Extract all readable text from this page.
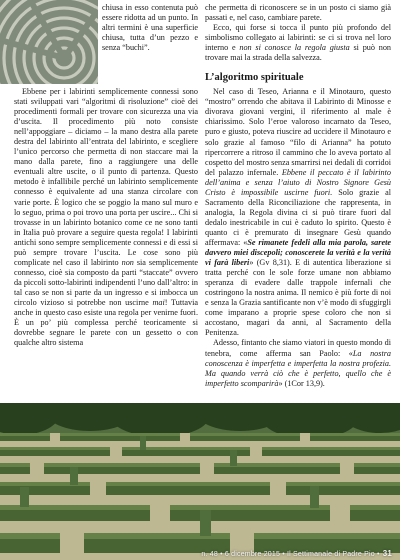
chiusa in esso contenuta può essere ridotta ad un punto. In altri termini è una superficie chiusa, tutta d’un pezzo e senza “buchi”.

Ebbene per i labirinti semplicemente connessi sono stati sviluppati vari “algoritmi di risoluzione” cioè dei procedimenti formali per trovare con sicurezza una via d’uscita. Il procedimento più noto consiste nell’appoggiare – diciamo – la mano destra alla parete destra del labirinto all’entrata del labirinto, e scegliere l’unico percorso che permetta di non staccare mai la mano dalla parete, fino a raggiungere una delle eventuali altre uscite, o il punto di partenza. Questo metodo è infallibile perché un labirinto semplicemente connesso è equivalente ad una stanza circolare con varie porte. È logico che se poggio la mano sul muro e lo seguo, prima o poi trovo una porta per uscire... Chi si trovasse in un labirinto botanico come ce ne sono tanti in Italia può provare a seguire questa regola! I labirinti antichi sono sempre semplicemente connessi e di essi si può sempre trovare l’uscita. Le cose sono più complicate nel caso il labirinto non sia semplicemente connesso, cioè sia composto da parti “staccate” ovvero da piccoli sotto-labirinti indipendenti l’uno dall’altro: in tal caso se non si parte da un ingresso e si imbocca un circolo vizioso si potrebbe non uscirne mai! Tuttavia anche in questo caso esiste una regola per venirne fuori. È un po’ più complessa perché teoricamente si dovrebbe segnare le parete con un gessetto o con qualche altro sistema

che permetta di riconoscere se in un posto ci siamo già passati e, nel caso, cambiare parete.

Ecco, qui forse si tocca il punto più profondo del simbolismo collegato ai labirinti: se ci si trova nel loro interno e non si conosce la regola giusta si può non trovare mai la strada della salvezza.

L’algoritmo spirituale

Nel caso di Teseo, Arianna e il Minotauro, questo “mostro” orrendo che abitava il Labirinto di Minosse e divorava giovani vergini, il riferimento al male è chiarissimo. Solo l’eroe valoroso incarnato da Teseo, puro e giusto, poteva riuscire ad uccidere il Minotauro e solo grazie al famoso “filo di Arianna” ha potuto ripercorrere a ritroso il cammino che lo aveva portato al cospetto del mostro senza smarrirsi nei dedali di corridoi del palazzo infernale. Ebbene il peccato è il labirinto dell’anima e senza l’aiuto di Nostro Signore Gesù Cristo è impossibile uscirne fuori. Solo grazie al Sacramento della Riconciliazione che rappresenta, in analogia, la Regola divina ci si può tirare fuori dal dedalo inestricabile in cui è caduto lo spirito. Questo è quanto ci è premurato di insegnare Gesù quando affermava: «Se rimanete fedeli alla mia parola, sarete davvero miei discepoli; conoscerete la verità e la verità vi farà liberi» (Gv 8,31). E di autentica liberazione si tratta perché con le sole forze umane non abbiamo speranza di evadere dalle trappole infernali che costringono la nostra anima. Il nemico è più forte di noi e senza la Grazia santificante non v’è modo di sfuggirgli come imparano a proprie spese coloro che non si accostano, magari da anni, al Sacramento della Penitenza.

Adesso, fintanto che siamo viatori in questo mondo di tenebra, come afferma san Paolo: «La nostra conoscenza è imperfetta e imperfetta la nostra profezia. Ma quando verrà ciò che è perfetto, quello che è imperfetto scomparirà» (1Cor 13,9).

n. 48 • 6 dicembre 2015 • Il Settimanale di Padre Pio • 31
